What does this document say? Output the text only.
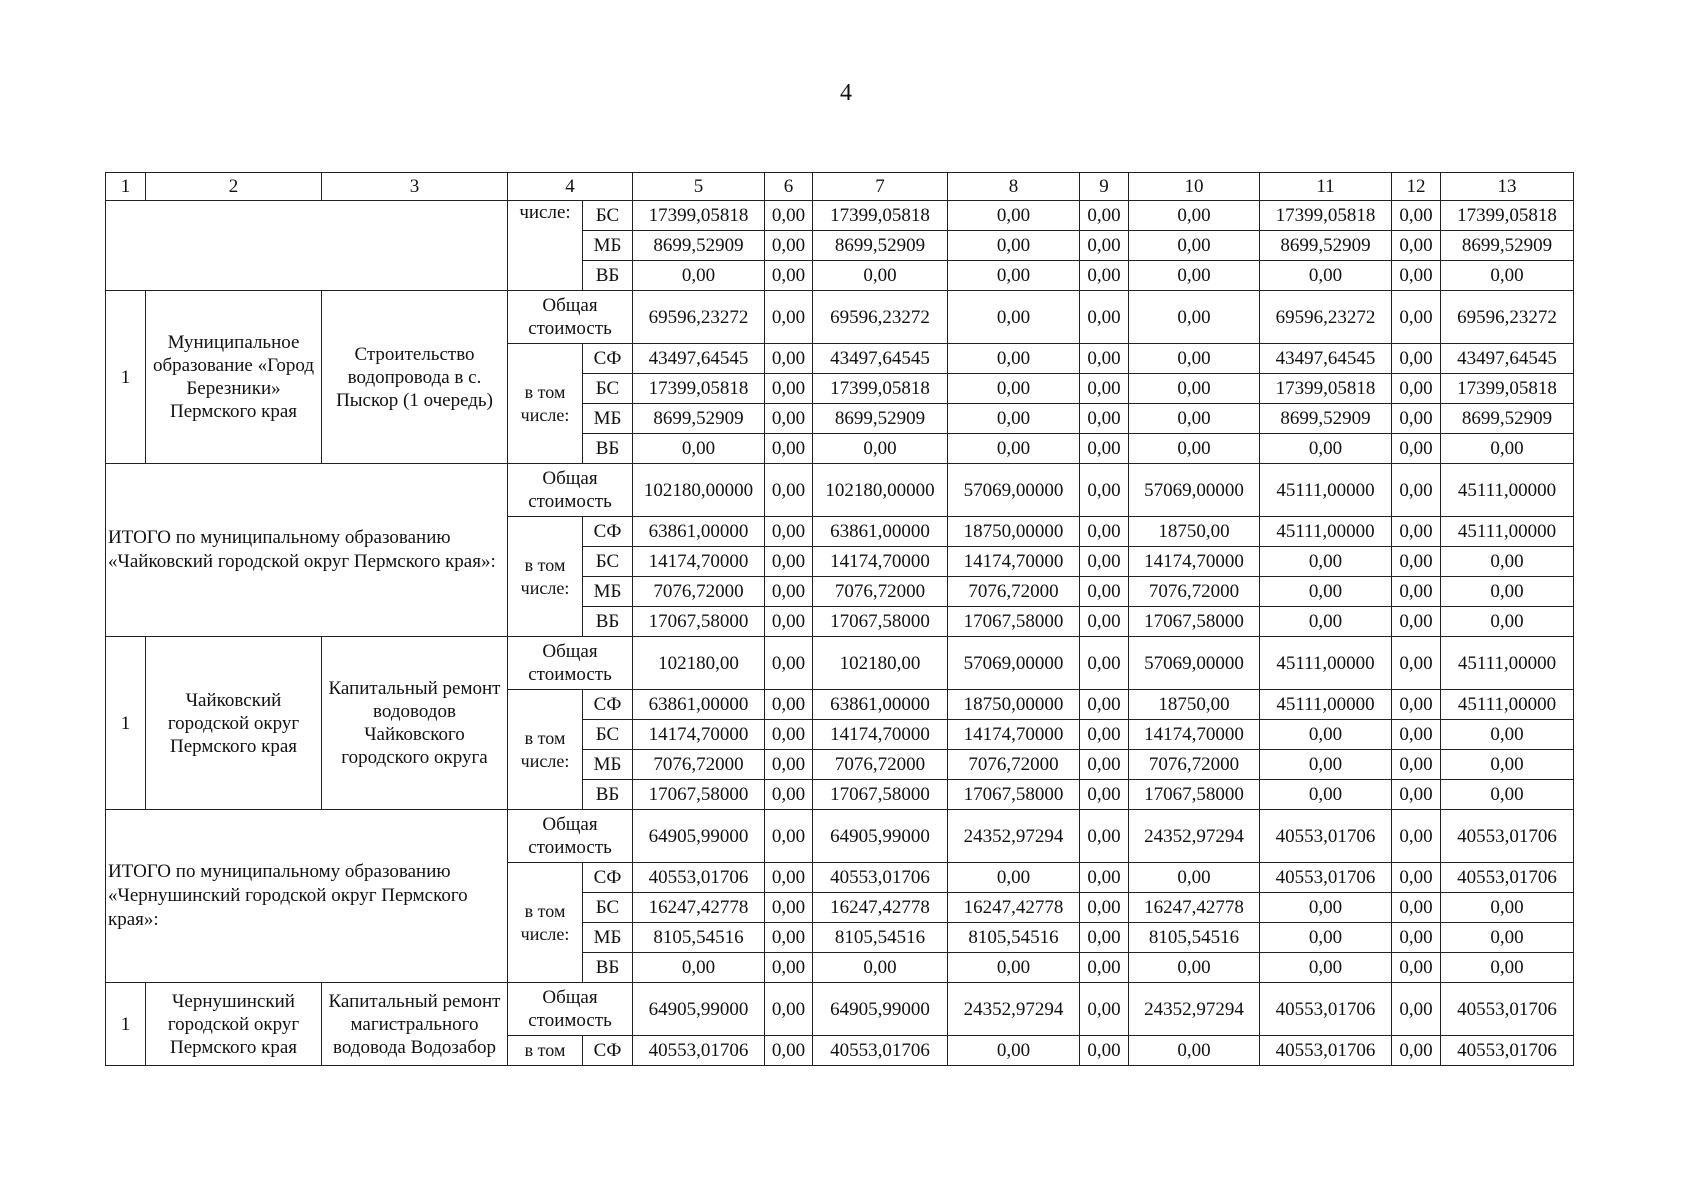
4
1	2	3	4		5	6	7	8	9	10	11	12	13
			числе:	БС	17399,05818	0,00	17399,05818	0,00	0,00	0,00	17399,05818	0,00	17399,05818
				МБ	8699,52909	0,00	8699,52909	0,00	0,00	0,00	8699,52909	0,00	8699,52909
				ВБ	0,00	0,00	0,00	0,00	0,00	0,00	0,00	0,00	0,00
1	Муниципальное образование «Город Березники» Пермского края	Строительство водопровода в с. Пыскор (1 очередь)	Общая стоимость		69596,23272	0,00	69596,23272	0,00	0,00	0,00	69596,23272	0,00	69596,23272
			в том числе:	СФ	43497,64545	0,00	43497,64545	0,00	0,00	0,00	43497,64545	0,00	43497,64545
				БС	17399,05818	0,00	17399,05818	0,00	0,00	0,00	17399,05818	0,00	17399,05818
				МБ	8699,52909	0,00	8699,52909	0,00	0,00	0,00	8699,52909	0,00	8699,52909
				ВБ	0,00	0,00	0,00	0,00	0,00	0,00	0,00	0,00	0,00
ИТОГО по муниципальному образованию «Чайковский городской округ Пермского края»:			Общая стоимость		102180,00000	0,00	102180,00000	57069,00000	0,00	57069,00000	45111,00000	0,00	45111,00000
			в том числе:	СФ	63861,00000	0,00	63861,00000	18750,00000	0,00	18750,00	45111,00000	0,00	45111,00000
				БС	14174,70000	0,00	14174,70000	14174,70000	0,00	14174,70000	0,00	0,00	0,00
				МБ	7076,72000	0,00	7076,72000	7076,72000	0,00	7076,72000	0,00	0,00	0,00
				ВБ	17067,58000	0,00	17067,58000	17067,58000	0,00	17067,58000	0,00	0,00	0,00
1	Чайковский городской округ Пермского края	Капитальный ремонт водоводов Чайковского городского округа	Общая стоимость		102180,00	0,00	102180,00	57069,00000	0,00	57069,00000	45111,00000	0,00	45111,00000
			в том числе:	СФ	63861,00000	0,00	63861,00000	18750,00000	0,00	18750,00	45111,00000	0,00	45111,00000
				БС	14174,70000	0,00	14174,70000	14174,70000	0,00	14174,70000	0,00	0,00	0,00
				МБ	7076,72000	0,00	7076,72000	7076,72000	0,00	7076,72000	0,00	0,00	0,00
				ВБ	17067,58000	0,00	17067,58000	17067,58000	0,00	17067,58000	0,00	0,00	0,00
ИТОГО по муниципальному образованию «Чернушинский городской округ Пермского края»:			Общая стоимость		64905,99000	0,00	64905,99000	24352,97294	0,00	24352,97294	40553,01706	0,00	40553,01706
			в том числе:	СФ	40553,01706	0,00	40553,01706	0,00	0,00	0,00	40553,01706	0,00	40553,01706
				БС	16247,42778	0,00	16247,42778	16247,42778	0,00	16247,42778	0,00	0,00	0,00
				МБ	8105,54516	0,00	8105,54516	8105,54516	0,00	8105,54516	0,00	0,00	0,00
				ВБ	0,00	0,00	0,00	0,00	0,00	0,00	0,00	0,00	0,00
1	Чернушинский городской округ Пермского края	Капитальный ремонт магистрального водовода Водозабор	Общая стоимость		64905,99000	0,00	64905,99000	24352,97294	0,00	24352,97294	40553,01706	0,00	40553,01706
			в том	СФ	40553,01706	0,00	40553,01706	0,00	0,00	0,00	40553,01706	0,00	40553,01706
